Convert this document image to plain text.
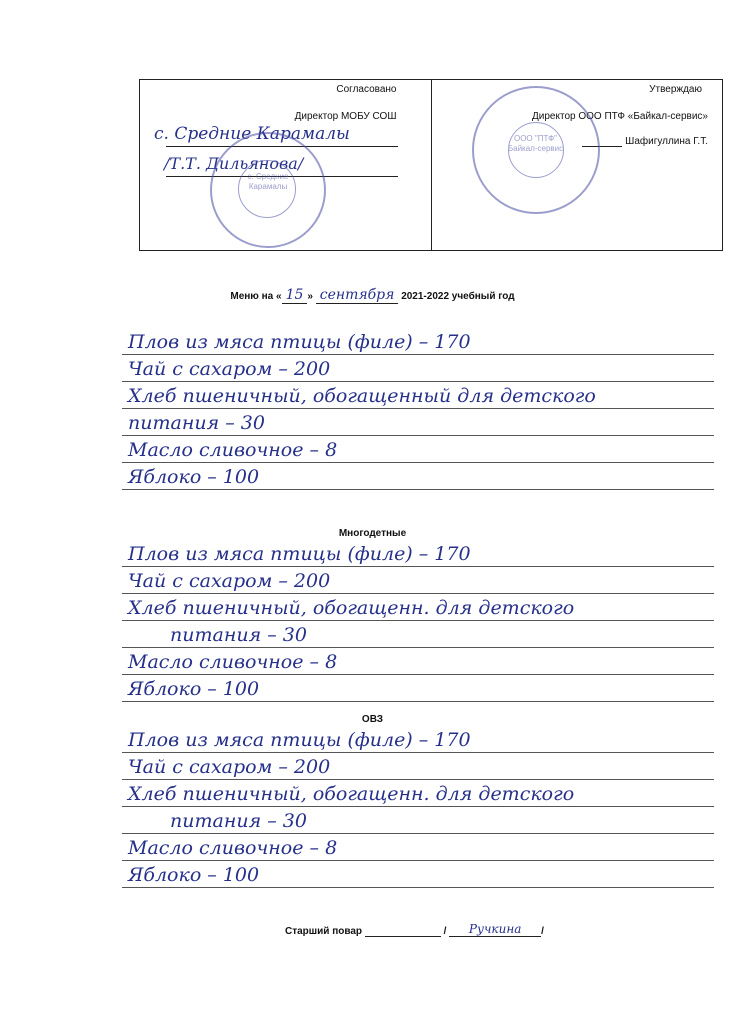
Согласовано
Директор МОБУ СОШ
с. Средние Карамалы
/Т.Т. Дильянова/
с. Средние Карамалы
Утверждаю
Директор ООО ПТФ «Байкал-сервис»
Шафигуллина Г.Т.
ООО "ПТФ" Байкал-сервис
Меню на « 15 » сентября 2021-2022 учебный год
Плов из мяса птицы (филе) – 170
Чай с сахаром – 200
Хлеб пшеничный, обогащенный для детского
питания – 30
Масло сливочное – 8
Яблоко – 100
Многодетные
Плов из мяса птицы (филе) – 170
Чай с сахаром – 200
Хлеб пшеничный, обогащенн. для детского
питания – 30
Масло сливочное – 8
Яблоко – 100
ОВЗ
Плов из мяса птицы (филе) – 170
Чай с сахаром – 200
Хлеб пшеничный, обогащенн. для детского
питания – 30
Масло сливочное – 8
Яблоко – 100
Старший повар	/ Ручкина /
